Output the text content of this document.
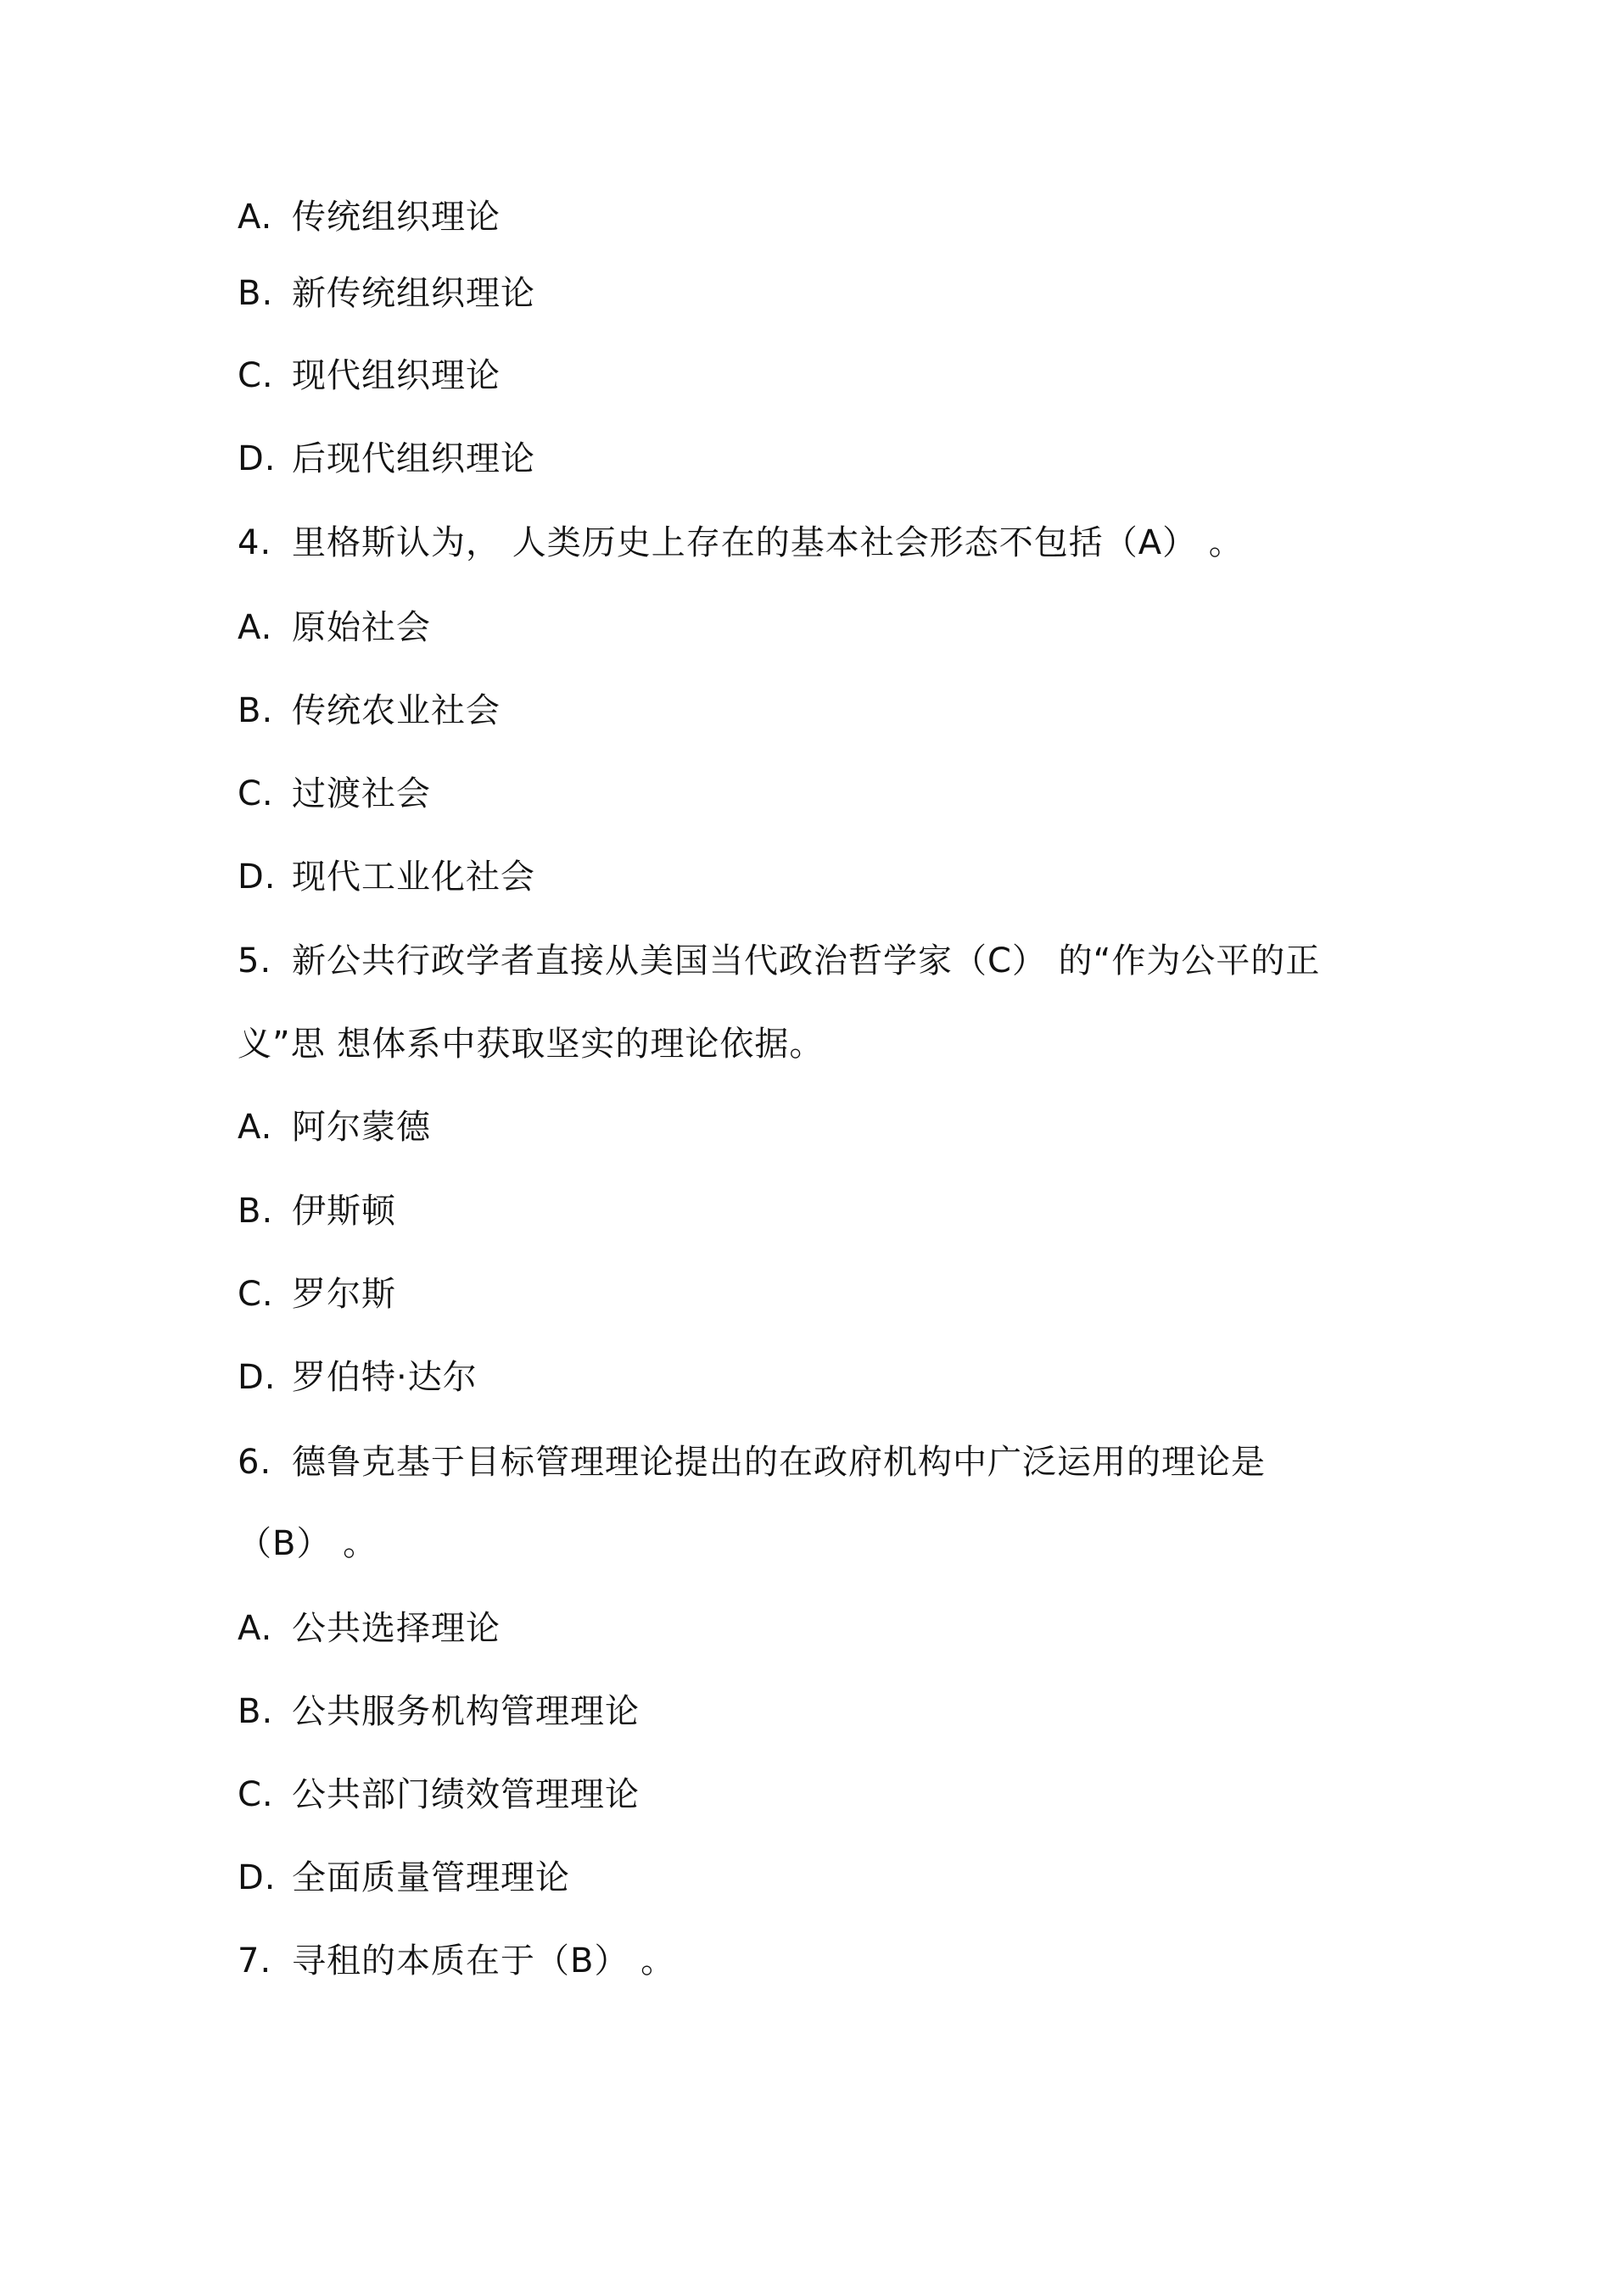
A. 传统组织理论
B. 新传统组织理论
C. 现代组织理论
D. 后现代组织理论
4. 里格斯认为， 人类历史上存在的基本社会形态不包括（A） 。
A. 原始社会
B. 传统农业社会
C. 过渡社会
D. 现代工业化社会
5. 新公共行政学者直接从美国当代政治哲学家（C） 的“作为公平的正
义”思 想体系中获取坚实的理论依据。
A. 阿尔蒙德
B. 伊斯顿
C. 罗尔斯
D. 罗伯特·达尔
6. 德鲁克基于目标管理理论提出的在政府机构中广泛运用的理论是
（B） 。
A. 公共选择理论
B. 公共服务机构管理理论
C. 公共部门绩效管理理论
D. 全面质量管理理论
7. 寻租的本质在于（B） 。
